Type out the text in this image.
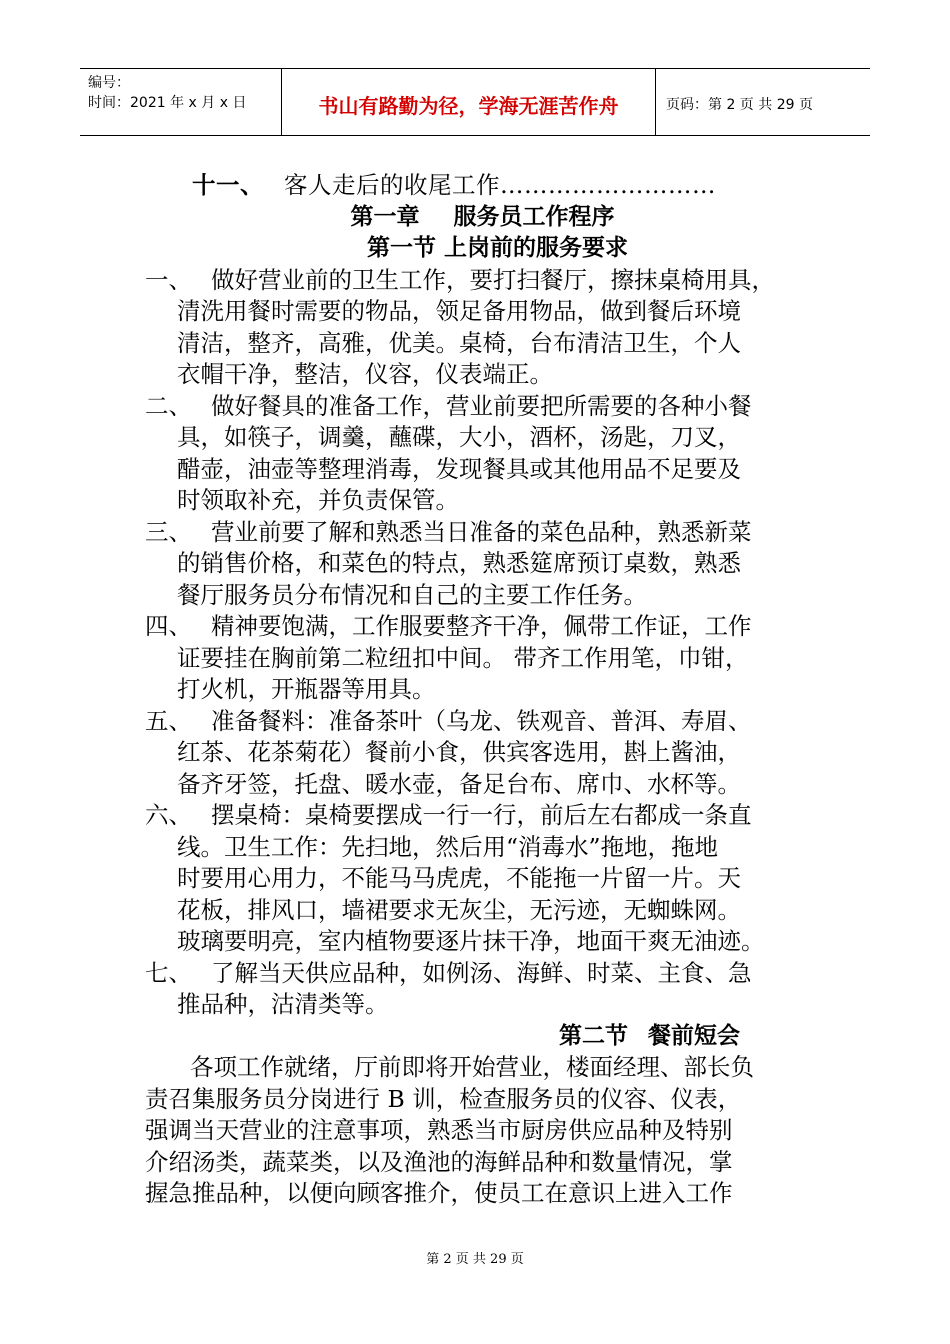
编号：
时间：2021 年 x 月 x 日	书山有路勤为径，学海无涯苦作舟	页码：第 2 页 共 29 页
十一、 客人走后的收尾工作………………………
第一章 服务员工作程序
第一节 上岗前的服务要求
一、 做好营业前的卫生工作，要打扫餐厅，擦抹桌椅用具，
清洗用餐时需要的物品，领足备用物品，做到餐后环境
清洁，整齐，高雅，优美。桌椅，台布清洁卫生，个人
衣帽干净，整洁，仪容，仪表端正。
二、 做好餐具的准备工作，营业前要把所需要的各种小餐
具，如筷子，调羹，蘸碟，大小，酒杯，汤匙，刀叉，
醋壶，油壶等整理消毒，发现餐具或其他用品不足要及
时领取补充，并负责保管。
三、 营业前要了解和熟悉当日准备的菜色品种，熟悉新菜
的销售价格，和菜色的特点，熟悉筵席预订桌数，熟悉
餐厅服务员分布情况和自己的主要工作任务。
四、 精神要饱满，工作服要整齐干净，佩带工作证，工作
证要挂在胸前第二粒纽扣中间。 带齐工作用笔，巾钳，
打火机，开瓶器等用具。
五、 准备餐料：准备茶叶（乌龙、铁观音、普洱、寿眉、
红茶、花茶菊花）餐前小食，供宾客选用，斟上酱油，
备齐牙签，托盘、暖水壶，备足台布、席巾、水杯等。
六、 摆桌椅：桌椅要摆成一行一行，前后左右都成一条直
线。卫生工作：先扫地，然后用“消毒水”拖地，拖地
时要用心用力，不能马马虎虎，不能拖一片留一片。天
花板，排风口，墙裙要求无灰尘，无污迹，无蜘蛛网。
玻璃要明亮，室内植物要逐片抹干净，地面干爽无油迹。
七、 了解当天供应品种，如例汤、海鲜、时菜、主食、急
推品种，沽清类等。
第二节 餐前短会
各项工作就绪，厅前即将开始营业，楼面经理、部长负
责召集服务员分岗进行 B 训，检查服务员的仪容、仪表，
强调当天营业的注意事项，熟悉当市厨房供应品种及特别
介绍汤类，蔬菜类，以及渔池的海鲜品种和数量情况，掌
握急推品种，以便向顾客推介，使员工在意识上进入工作
第 2 页 共 29 页
